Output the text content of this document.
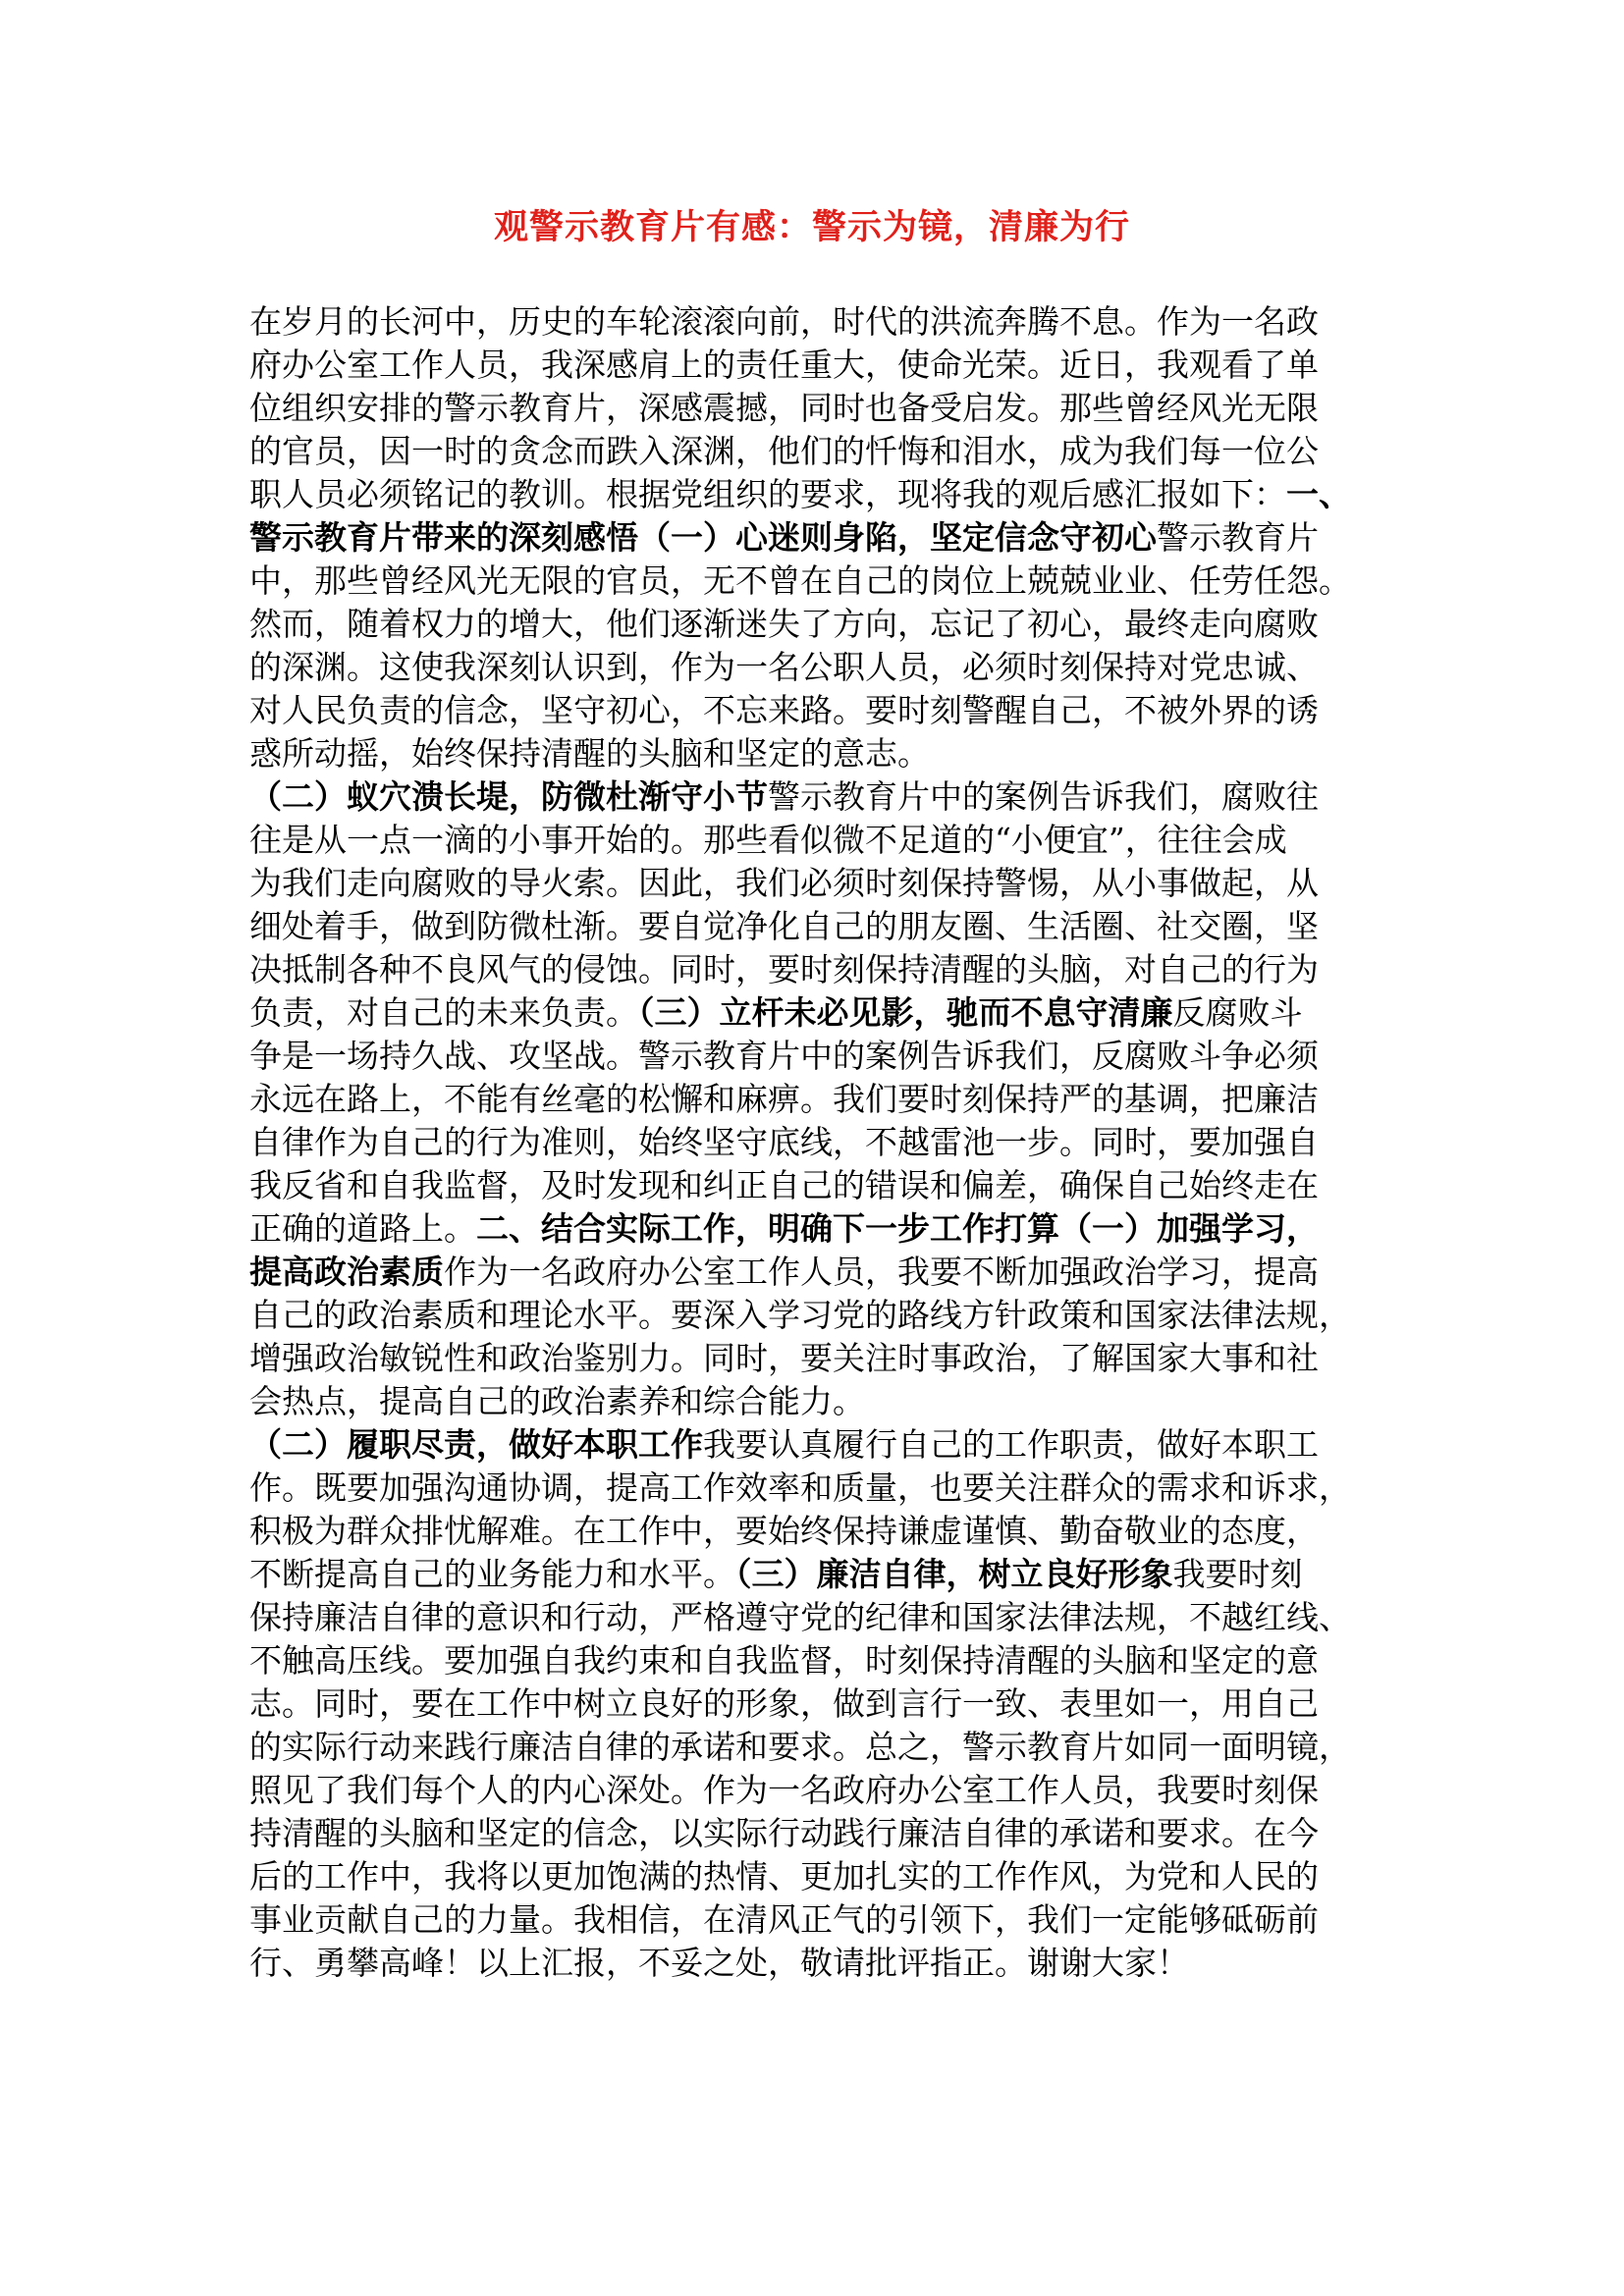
观警示教育片有感：警示为镜，清廉为行
在岁月的长河中，历史的车轮滚滚向前，时代的洪流奔腾不息。作为一名政
府办公室工作人员，我深感肩上的责任重大，使命光荣。近日，我观看了单
位组织安排的警示教育片，深感震撼，同时也备受启发。那些曾经风光无限
的官员，因一时的贪念而跌入深渊，他们的忏悔和泪水，成为我们每一位公
职人员必须铭记的教训。根据党组织的要求，现将我的观后感汇报如下：一、
警示教育片带来的深刻感悟（一）心迷则身陷，坚定信念守初心警示教育片
中，那些曾经风光无限的官员，无不曾在自己的岗位上兢兢业业、任劳任怨。
然而，随着权力的增大，他们逐渐迷失了方向，忘记了初心，最终走向腐败
的深渊。这使我深刻认识到，作为一名公职人员，必须时刻保持对党忠诚、
对人民负责的信念，坚守初心，不忘来路。要时刻警醒自己，不被外界的诱
惑所动摇，始终保持清醒的头脑和坚定的意志。
（二）蚁穴溃长堤，防微杜渐守小节警示教育片中的案例告诉我们，腐败往
往是从一点一滴的小事开始的。那些看似微不足道的“小便宜”，往往会成
为我们走向腐败的导火索。因此，我们必须时刻保持警惕，从小事做起，从
细处着手，做到防微杜渐。要自觉净化自己的朋友圈、生活圈、社交圈，坚
决抵制各种不良风气的侵蚀。同时，要时刻保持清醒的头脑，对自己的行为
负责，对自己的未来负责。（三）立杆未必见影，驰而不息守清廉反腐败斗
争是一场持久战、攻坚战。警示教育片中的案例告诉我们，反腐败斗争必须
永远在路上，不能有丝毫的松懈和麻痹。我们要时刻保持严的基调，把廉洁
自律作为自己的行为准则，始终坚守底线，不越雷池一步。同时，要加强自
我反省和自我监督，及时发现和纠正自己的错误和偏差，确保自己始终走在
正确的道路上。二、结合实际工作，明确下一步工作打算（一）加强学习，
提高政治素质作为一名政府办公室工作人员，我要不断加强政治学习，提高
自己的政治素质和理论水平。要深入学习党的路线方针政策和国家法律法规，
增强政治敏锐性和政治鉴别力。同时，要关注时事政治，了解国家大事和社
会热点，提高自己的政治素养和综合能力。
（二）履职尽责，做好本职工作我要认真履行自己的工作职责，做好本职工
作。既要加强沟通协调，提高工作效率和质量，也要关注群众的需求和诉求，
积极为群众排忧解难。在工作中，要始终保持谦虚谨慎、勤奋敬业的态度，
不断提高自己的业务能力和水平。（三）廉洁自律，树立良好形象我要时刻
保持廉洁自律的意识和行动，严格遵守党的纪律和国家法律法规，不越红线、
不触高压线。要加强自我约束和自我监督，时刻保持清醒的头脑和坚定的意
志。同时，要在工作中树立良好的形象，做到言行一致、表里如一，用自己
的实际行动来践行廉洁自律的承诺和要求。总之，警示教育片如同一面明镜，
照见了我们每个人的内心深处。作为一名政府办公室工作人员，我要时刻保
持清醒的头脑和坚定的信念，以实际行动践行廉洁自律的承诺和要求。在今
后的工作中，我将以更加饱满的热情、更加扎实的工作作风，为党和人民的
事业贡献自己的力量。我相信，在清风正气的引领下，我们一定能够砥砺前
行、勇攀高峰！以上汇报，不妥之处，敬请批评指正。谢谢大家！
